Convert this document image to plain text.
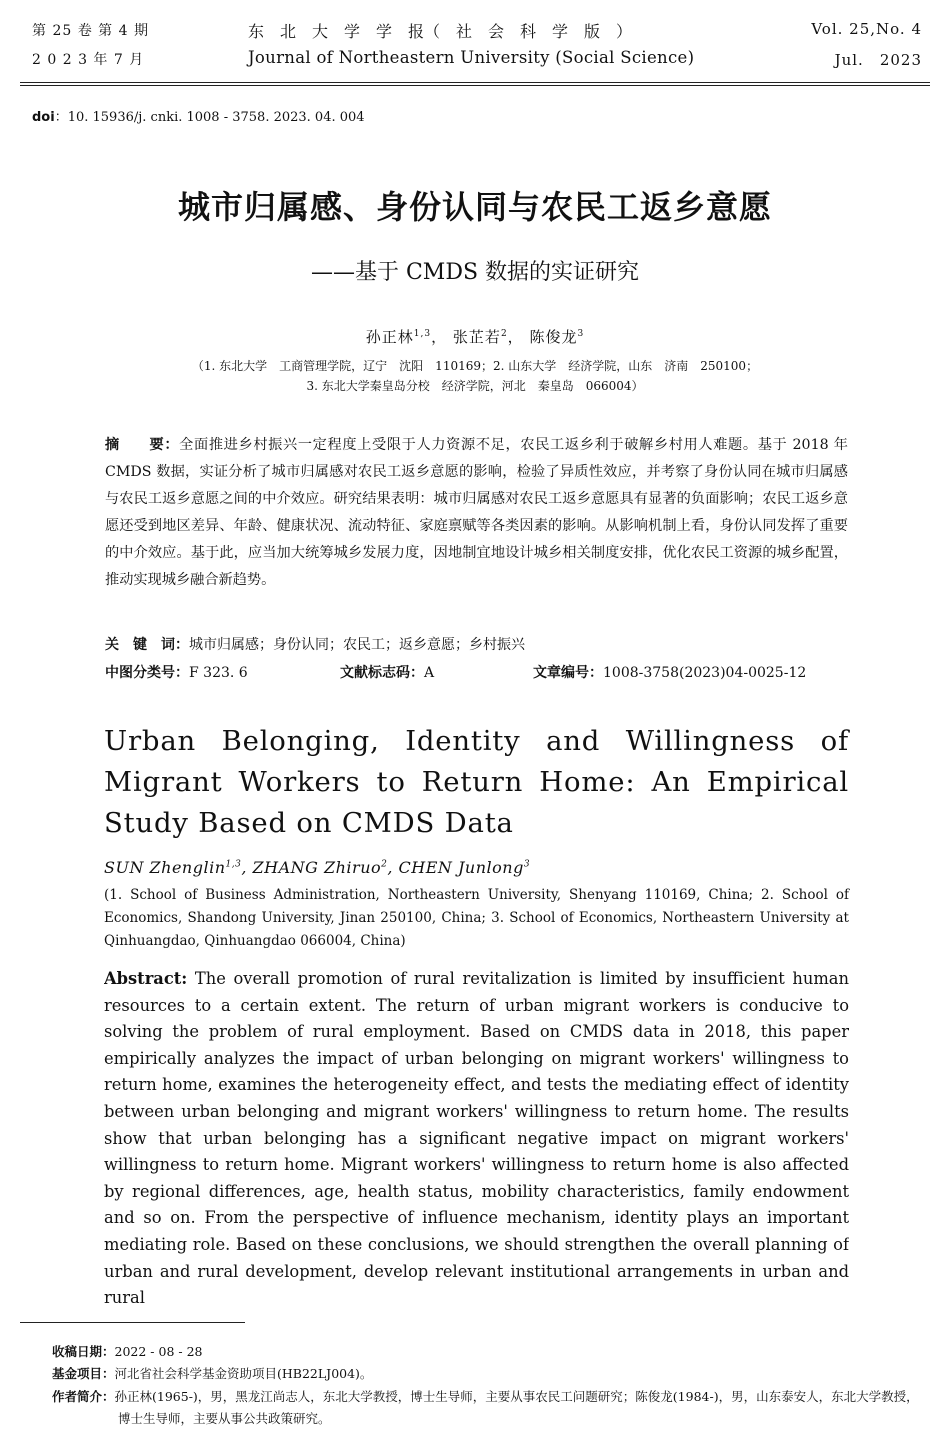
第 25 卷 第 4 期
2 0 2 3 年 7 月
东　北　大　学　学　报（　社　会　科　学　版　）
Journal of Northeastern University (Social Science)
Vol. 25,No. 4
Jul.　2023
doi：10. 15936/j. cnki. 1008 - 3758. 2023. 04. 004
城市归属感、身份认同与农民工返乡意愿
——基于 CMDS 数据的实证研究
孙正林$^{1,3}$， 张芷若$^2$， 陈俊龙$^3$
（1. 东北大学　工商管理学院，辽宁　沈阳　110169；2. 山东大学　经济学院，山东　济南　250100；
3. 东北大学秦皇岛分校　经济学院，河北　秦皇岛　066004）
摘　　要：全面推进乡村振兴一定程度上受限于人力资源不足，农民工返乡利于破解乡村用人难题。基于 2018 年 CMDS 数据，实证分析了城市归属感对农民工返乡意愿的影响，检验了异质性效应，并考察了身份认同在城市归属感与农民工返乡意愿之间的中介效应。研究结果表明：城市归属感对农民工返乡意愿具有显著的负面影响；农民工返乡意愿还受到地区差异、年龄、健康状况、流动特征、家庭禀赋等各类因素的影响。从影响机制上看，身份认同发挥了重要的中介效应。基于此，应当加大统筹城乡发展力度，因地制宜地设计城乡相关制度安排，优化农民工资源的城乡配置，推动实现城乡融合新趋势。
关　键　词：城市归属感；身份认同；农民工；返乡意愿；乡村振兴
中图分类号：F 323. 6	文献标志码：A	文章编号：1008-3758(2023)04-0025-12
Urban Belonging, Identity and Willingness of Migrant Workers to Return Home: An Empirical Study Based on CMDS Data
SUN Zhenglin$^{1,3}$, ZHANG Zhiruo$^2$, CHEN Junlong$^3$
(1. School of Business Administration, Northeastern University, Shenyang 110169, China; 2. School of Economics, Shandong University, Jinan 250100, China; 3. School of Economics, Northeastern University at Qinhuangdao, Qinhuangdao 066004, China)
Abstract: The overall promotion of rural revitalization is limited by insufficient human resources to a certain extent. The return of urban migrant workers is conducive to solving the problem of rural employment. Based on CMDS data in 2018, this paper empirically analyzes the impact of urban belonging on migrant workers' willingness to return home, examines the heterogeneity effect, and tests the mediating effect of identity between urban belonging and migrant workers' willingness to return home. The results show that urban belonging has a significant negative impact on migrant workers' willingness to return home. Migrant workers' willingness to return home is also affected by regional differences, age, health status, mobility characteristics, family endowment and so on. From the perspective of influence mechanism, identity plays an important mediating role. Based on these conclusions, we should strengthen the overall planning of urban and rural development, develop relevant institutional arrangements in urban and rural
收稿日期：2022 - 08 - 28
基金项目：河北省社会科学基金资助项目(HB22LJ004)。
作者简介：孙正林(1965-)，男，黑龙江尚志人，东北大学教授，博士生导师，主要从事农民工问题研究；陈俊龙(1984-)，男，山东泰安人，东北大学教授，博士生导师，主要从事公共政策研究。
